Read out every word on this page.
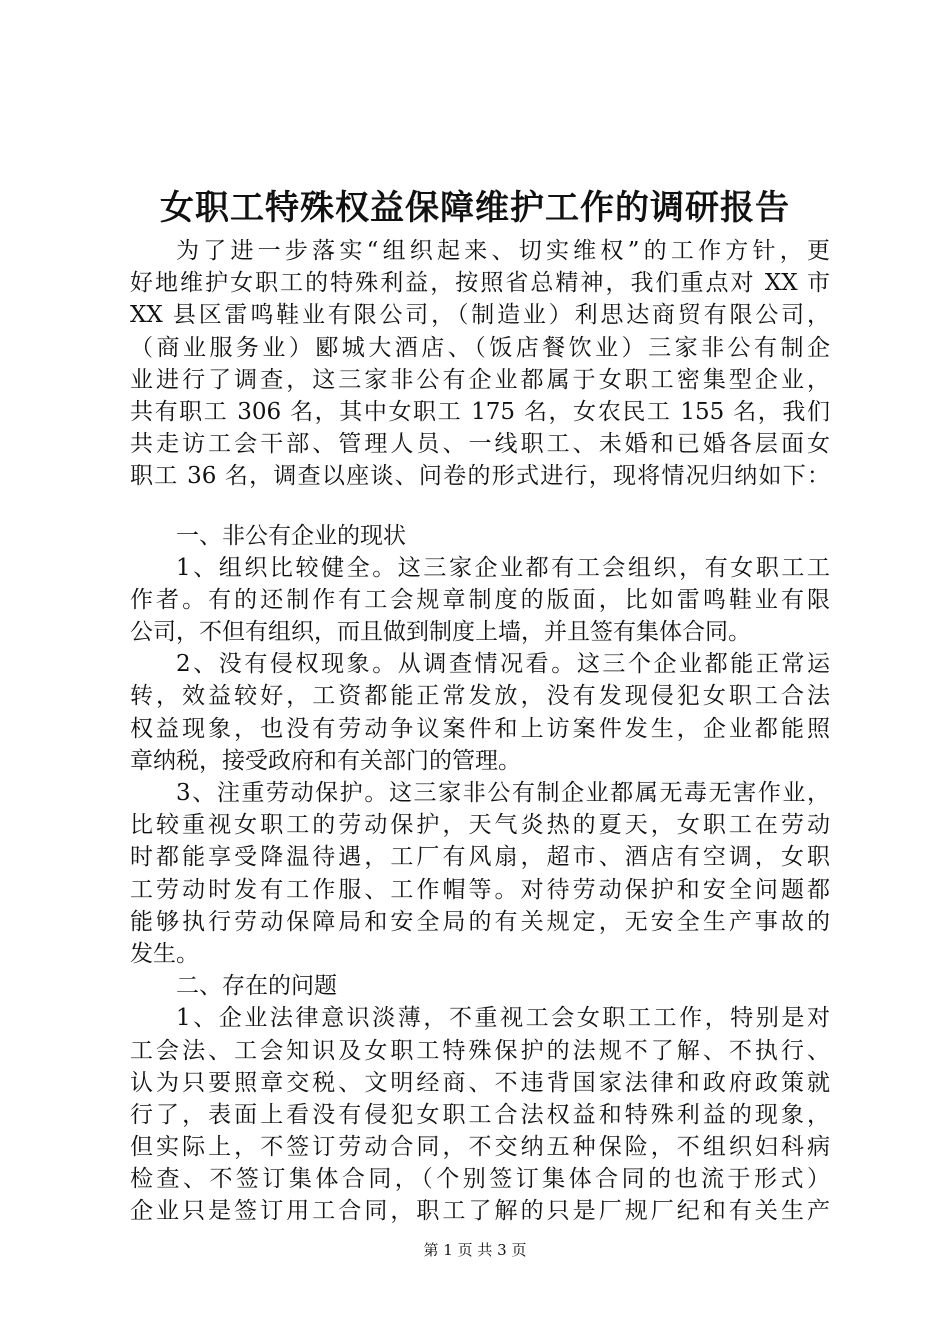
女职工特殊权益保障维护工作的调研报告
为了进一步落实“组织起来、切实维权”的工作方针，更
好地维护女职工的特殊利益，按照省总精神，我们重点对 XX 市
XX 县区雷鸣鞋业有限公司，（制造业）利思达商贸有限公司，
（商业服务业）郾城大酒店、（饭店餐饮业）三家非公有制企
业进行了调查，这三家非公有企业都属于女职工密集型企业，
共有职工 306 名，其中女职工 175 名，女农民工 155 名，我们
共走访工会干部、管理人员、一线职工、未婚和已婚各层面女
职工 36 名，调查以座谈、问卷的形式进行，现将情况归纳如下：
一、非公有企业的现状
1、组织比较健全。这三家企业都有工会组织，有女职工工
作者。有的还制作有工会规章制度的版面，比如雷鸣鞋业有限
公司，不但有组织，而且做到制度上墙，并且签有集体合同。
2、没有侵权现象。从调查情况看。这三个企业都能正常运
转，效益较好，工资都能正常发放，没有发现侵犯女职工合法
权益现象，也没有劳动争议案件和上访案件发生，企业都能照
章纳税，接受政府和有关部门的管理。
3、注重劳动保护。这三家非公有制企业都属无毒无害作业，
比较重视女职工的劳动保护，天气炎热的夏天，女职工在劳动
时都能享受降温待遇，工厂有风扇，超市、酒店有空调，女职
工劳动时发有工作服、工作帽等。对待劳动保护和安全问题都
能够执行劳动保障局和安全局的有关规定，无安全生产事故的
发生。
二、存在的问题
1、企业法律意识淡薄，不重视工会女职工工作，特别是对
工会法、工会知识及女职工特殊保护的法规不了解、不执行、
认为只要照章交税、文明经商、不违背国家法律和政府政策就
行了，表面上看没有侵犯女职工合法权益和特殊利益的现象，
但实际上，不签订劳动合同，不交纳五种保险，不组织妇科病
检查、不签订集体合同，（个别签订集体合同的也流于形式）
企业只是签订用工合同，职工了解的只是厂规厂纪和有关生产
第 1 页 共 3 页
